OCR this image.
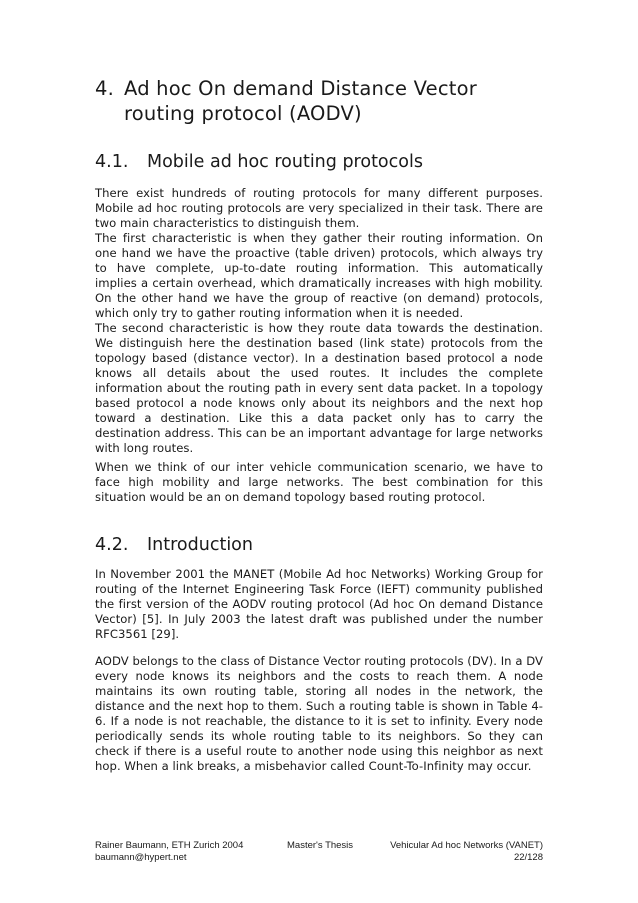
4. Ad hoc On demand Distance Vector
routing protocol (AODV)
4.1. Mobile ad hoc routing protocols

There exist hundreds of routing protocols for many different purposes. Mobile ad hoc routing protocols are very specialized in their task. There are two main characteristics to distinguish them.

The first characteristic is when they gather their routing information. On one hand we have the proactive (table driven) protocols, which always try to have complete, up-to-date routing information. This automatically implies a certain overhead, which dramatically increases with high mobility. On the other hand we have the group of reactive (on demand) protocols, which only try to gather routing information when it is needed.

The second characteristic is how they route data towards the destination. We distinguish here the destination based (link state) protocols from the topology based (distance vector). In a destination based protocol a node knows all details about the used routes. It includes the complete information about the routing path in every sent data packet. In a topology based protocol a node knows only about its neighbors and the next hop toward a destination. Like this a data packet only has to carry the destination address. This can be an important advantage for large networks with long routes.

When we think of our inter vehicle communication scenario, we have to face high mobility and large networks. The best combination for this situation would be an on demand topology based routing protocol.

4.2. Introduction

In November 2001 the MANET (Mobile Ad hoc Networks) Working Group for routing of the Internet Engineering Task Force (IEFT) community published the first version of the AODV routing protocol (Ad hoc On demand Distance Vector) [5]. In July 2003 the latest draft was published under the number RFC3561 [29].

AODV belongs to the class of Distance Vector routing protocols (DV). In a DV every node knows its neighbors and the costs to reach them. A node maintains its own routing table, storing all nodes in the network, the distance and the next hop to them. Such a routing table is shown in Table 4-6. If a node is not reachable, the distance to it is set to infinity. Every node periodically sends its whole routing table to its neighbors. So they can check if there is a useful route to another node using this neighbor as next hop. When a link breaks, a misbehavior called Count-To-Infinity may occur.

Rainer Baumann, ETH Zurich 2004	Master's Thesis	Vehicular Ad hoc Networks (VANET)
baumann@hypert.net	22/128
